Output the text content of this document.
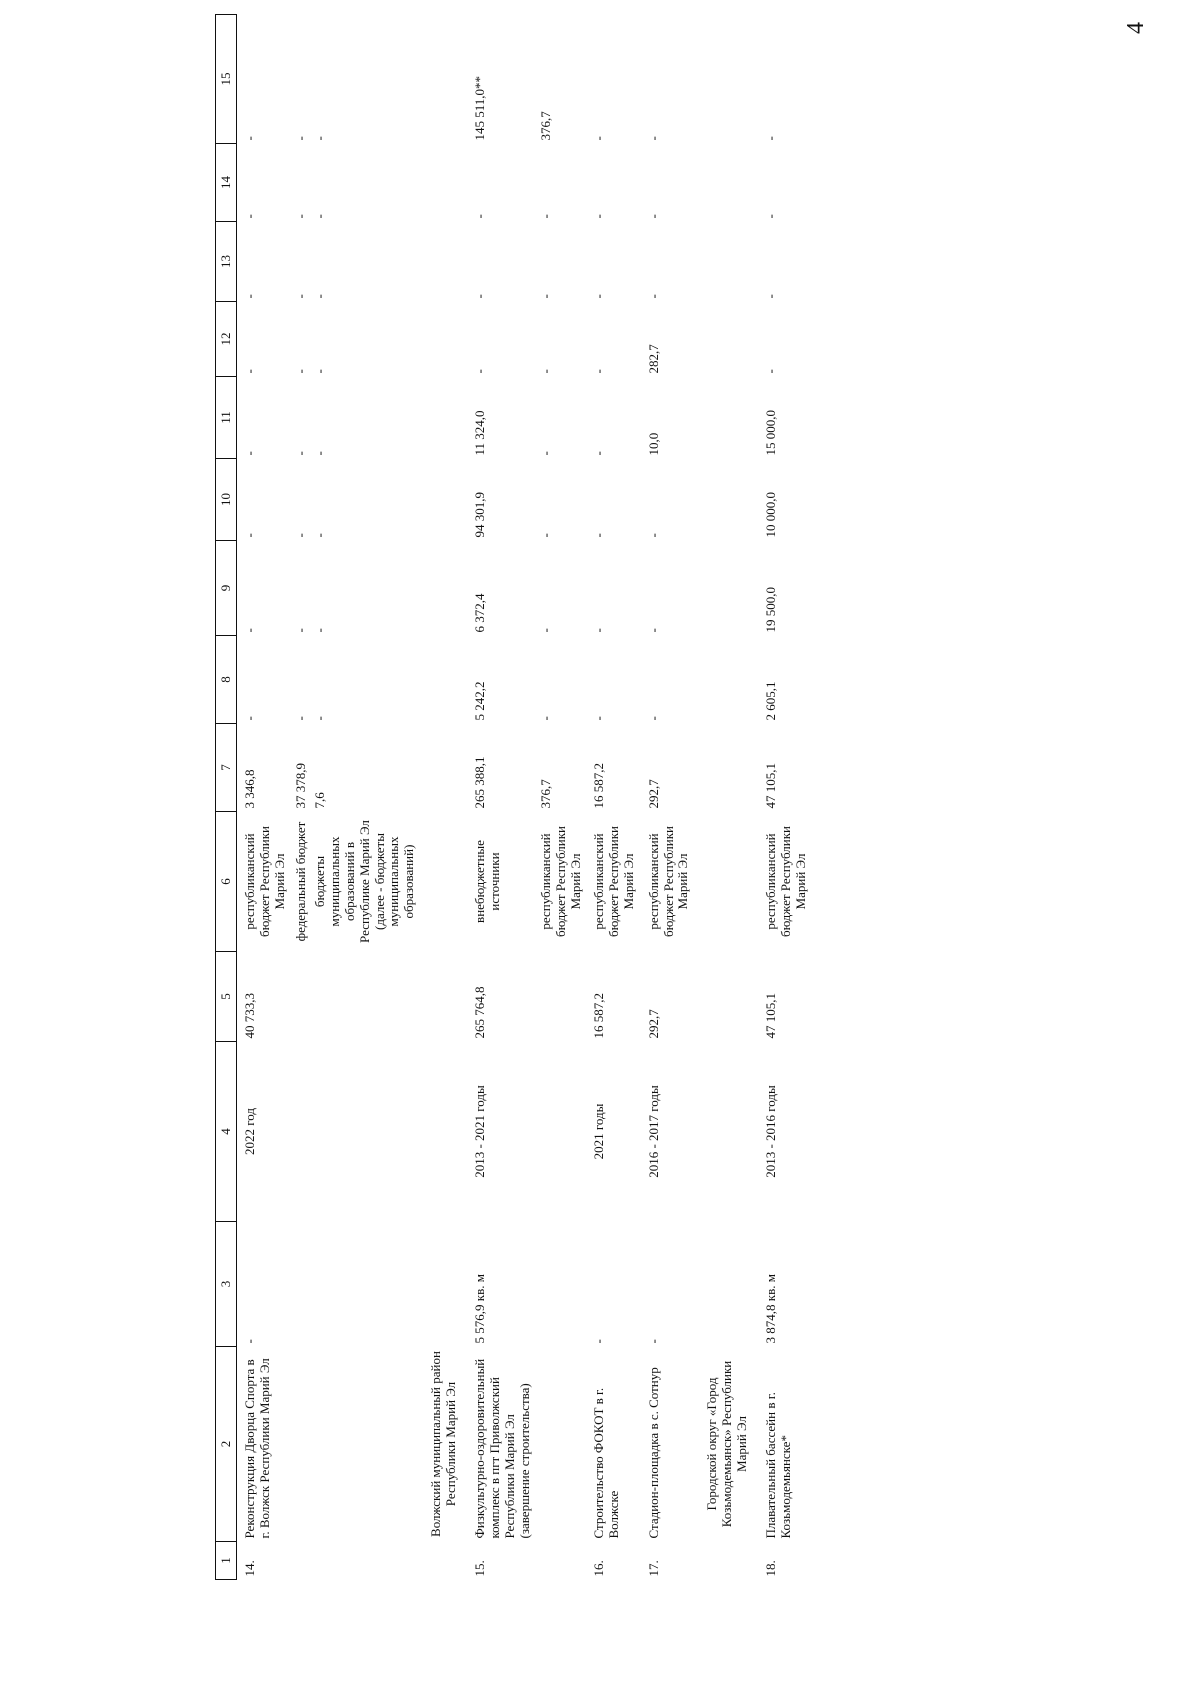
4
1	2	3	4	5	6	7	8	9	10	11	12	13	14	15
14.	Реконструкция Дворца Спорта в г. Волжск Республики Марий Эл	-	2022 год	40 733,3	республиканский бюджет Республики Марий Эл	3 346,8	-	-	-	-	-	-	-	-
					федеральный бюджет	37 378,9	-	-	-	-	-	-	-	-
					бюджеты муниципальных образований в Республике Марий Эл (далее - бюджеты муниципальных образований)	7,6	-	-	-	-	-	-	-	-
	Волжский муниципальный район Республики Марий Эл													
15.	Физкультурно-оздоровительный комплекс в пгт Приволжский Республики Марий Эл (завершение строительства)	5 576,9 кв. м	2013 - 2021 годы	265 764,8	внебюджетные источники	265 388,1	5 242,2	6 372,4	94 301,9	11 324,0	-	-	-	145 511,0**
					республиканский бюджет Республики Марий Эл	376,7	-	-	-	-	-	-	-	376,7
16.	Строительство ФОКОТ в г. Волжске	-	2021 годы	16 587,2	республиканский бюджет Республики Марий Эл	16 587,2	-	-	-	-	-	-	-	-
17.	Стадион-площадка в с. Сотнур	-	2016 - 2017 годы	292,7	республиканский бюджет Республики Марий Эл	292,7	-	-	-	10,0	282,7	-	-	-
	Городской округ «Город Козьмодемьянск» Республики Марий Эл													
18.	Плавательный бассейн в г. Козьмодемьянске*	3 874,8 кв. м	2013 - 2016 годы	47 105,1	республиканский бюджет Республики Марий Эл	47 105,1	2 605,1	19 500,0	10 000,0	15 000,0	-	-	-	-
